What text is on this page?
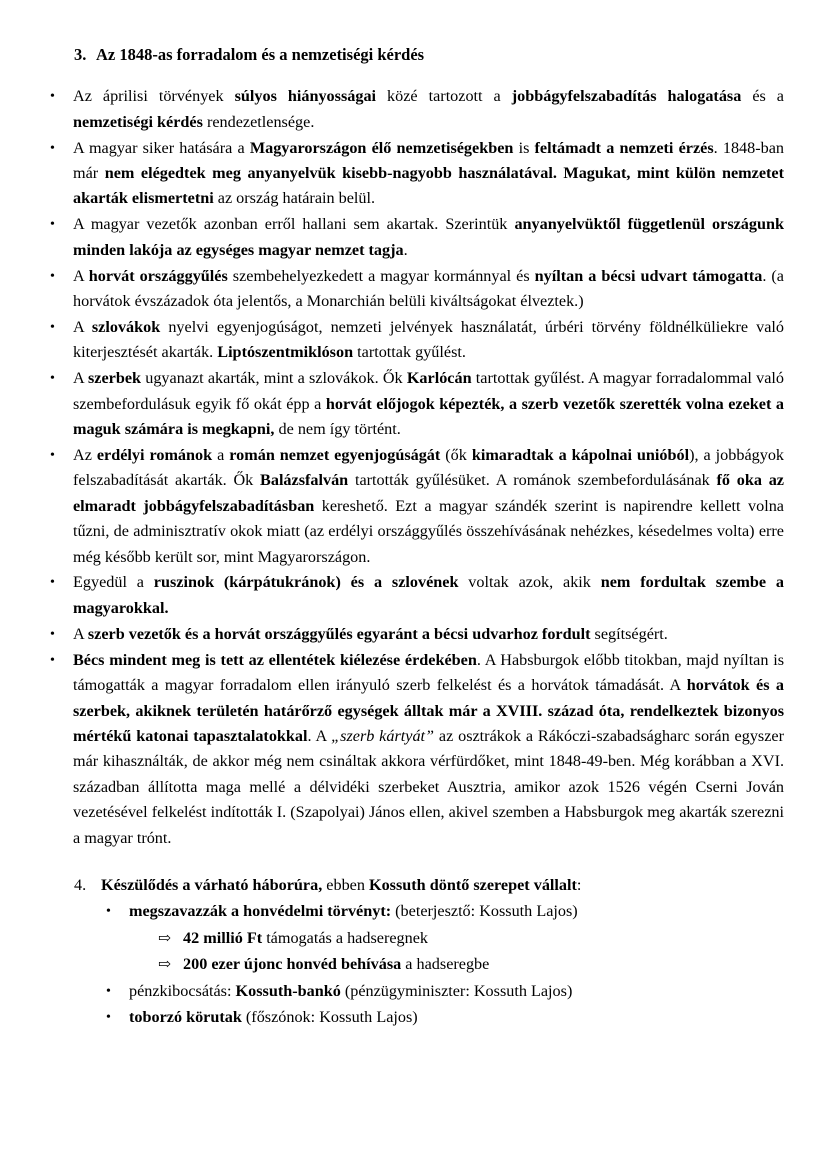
3. Az 1848-as forradalom és a nemzetiségi kérdés
•	Az áprilisi törvények súlyos hiányosságai közé tartozott a jobbágyfelszabadítás halogatása és a nemzetiségi kérdés rendezetlensége.
•	A magyar siker hatására a Magyarországon élő nemzetiségekben is feltámadt a nemzeti érzés. 1848-ban már nem elégedtek meg anyanyelvük kisebb-nagyobb használatával. Magukat, mint külön nemzetet akarták elismertetni az ország határain belül.
•	A magyar vezetők azonban erről hallani sem akartak. Szerintük anyanyelvüktől függetlenül országunk minden lakója az egységes magyar nemzet tagja.
•	A horvát országgyűlés szembehelyezkedett a magyar kormánnyal és nyíltan a bécsi udvart támogatta. (a horvátok évszázadok óta jelentős, a Monarchián belüli kiváltságokat élveztek.)
•	A szlovákok nyelvi egyenjogúságot, nemzeti jelvények használatát, úrbéri törvény földnélküliekre való kiterjesztését akarták. Liptószentmiklóson tartottak gyűlést.
•	A szerbek ugyanazt akarták, mint a szlovákok. Ők Karlócán tartottak gyűlést. A magyar forradalommal való szembefordulásuk egyik fő okát épp a horvát előjogok képezték, a szerb vezetők szerették volna ezeket a maguk számára is megkapni, de nem így történt.
•	Az erdélyi románok a román nemzet egyenjogúságát (ők kimaradtak a kápolnai unióból), a jobbágyok felszabadítását akarták. Ők Balázsfalván tartották gyűlésüket. A románok szembefordulásának fő oka az elmaradt jobbágyfelszabadításban kereshető. Ezt a magyar szándék szerint is napirendre kellett volna tűzni, de adminisztratív okok miatt (az erdélyi országgyűlés összehívásának nehézkes, késedelmes volta) erre még később került sor, mint Magyarországon.
•	Egyedül a ruszinok (kárpátukránok) és a szlovének voltak azok, akik nem fordultak szembe a magyarokkal.
•	A szerb vezetők és a horvát országgyűlés egyaránt a bécsi udvarhoz fordult segítségért.
•	Bécs mindent meg is tett az ellentétek kiélezése érdekében. A Habsburgok előbb titokban, majd nyíltan is támogatták a magyar forradalom ellen irányuló szerb felkelést és a horvátok támadását. A horvátok és a szerbek, akiknek területén határőrző egységek álltak már a XVIII. század óta, rendelkeztek bizonyos mértékű katonai tapasztalatokkal. A „szerb kártyát” az osztrákok a Rákóczi-szabadságharc során egyszer már kihasználták, de akkor még nem csináltak akkora vérfürdőket, mint 1848-49-ben. Még korábban a XVI. században állította maga mellé a délvidéki szerbeket Ausztria, amikor azok 1526 végén Cserni Jován vezetésével felkelést indították I. (Szapolyai) János ellen, akivel szemben a Habsburgok meg akarták szerezni a magyar trónt.
4. Készülődés a várható háborúra, ebben Kossuth döntő szerepet vállalt:
• megszavazzák a honvédelmi törvényt: (beterjesztő: Kossuth Lajos)
⇨ 42 millió Ft támogatás a hadseregnek
⇨ 200 ezer újonc honvéd behívása a hadseregbe
• pénzkibocsátás: Kossuth-bankó (pénzügyminiszter: Kossuth Lajos)
• toborzó körutak (főszónok: Kossuth Lajos)
